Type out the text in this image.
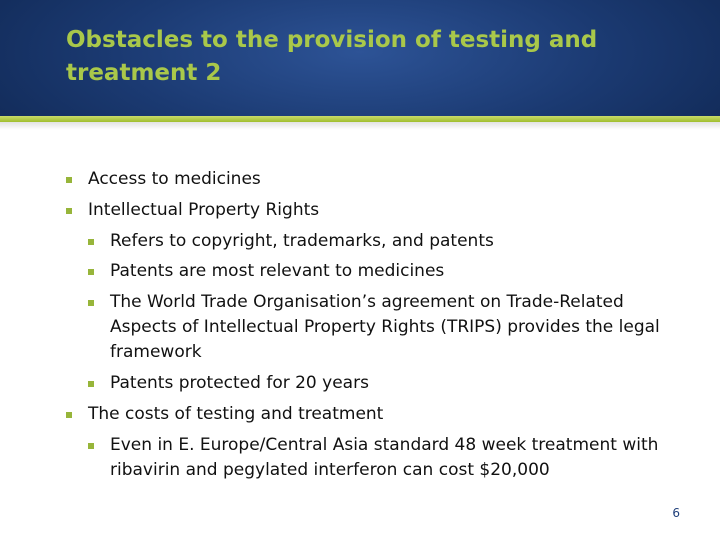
Obstacles to the provision of testing and treatment 2
Access to medicines
Intellectual Property Rights
Refers to copyright, trademarks, and patents
Patents are most relevant to medicines
The World Trade Organisation’s agreement on Trade-Related Aspects of Intellectual Property Rights (TRIPS) provides the legal framework
Patents protected for 20 years
The costs of testing and treatment
Even in E. Europe/Central Asia standard 48 week treatment with ribavirin and pegylated interferon can cost $20,000
6
